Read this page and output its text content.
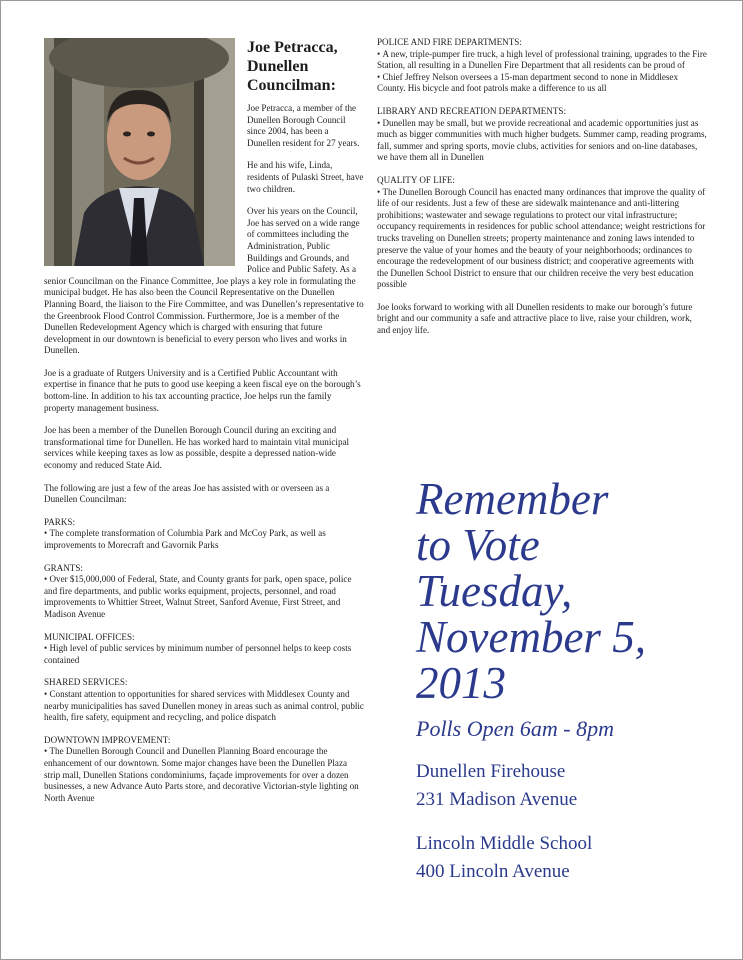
Joe Petracca, Dunellen Councilman:

Joe Petracca, a member of the Dunellen Borough Council since 2004, has been a Dunellen resident for 27 years.

He and his wife, Linda, residents of Pulaski Street, have two children.

Over his years on the Council, Joe has served on a wide range of committees including the Administration, Public Buildings and Grounds, and Police and Public Safety. As a senior Councilman on the Finance Committee, Joe plays a key role in formulating the municipal budget. He has also been the Council Representative on the Dunellen Planning Board, the liaison to the Fire Committee, and was Dunellen’s representative to the Greenbrook Flood Control Commission. Furthermore, Joe is a member of the Dunellen Redevelopment Agency which is charged with ensuring that future development in our downtown is beneficial to every person who lives and works in Dunellen.

Joe is a graduate of Rutgers University and is a Certified Public Accountant with expertise in finance that he puts to good use keeping a keen fiscal eye on the borough’s bottom-line. In addition to his tax accounting practice, Joe helps run the family property management business.

Joe has been a member of the Dunellen Borough Council during an exciting and transformational time for Dunellen. He has worked hard to maintain vital municipal services while keeping taxes as low as possible, despite a depressed nation-wide economy and reduced State Aid.

The following are just a few of the areas Joe has assisted with or overseen as a Dunellen Councilman:

PARKS:
• The complete transformation of Columbia Park and McCoy Park, as well as improvements to Morecraft and Gavornik Parks
GRANTS:
• Over $15,000,000 of Federal, State, and County grants for park, open space, police and fire departments, and public works equipment, projects, personnel, and road improvements to Whittier Street, Walnut Street, Sanford Avenue, First Street, and Madison Avenue
MUNICIPAL OFFICES:
• High level of public services by minimum number of personnel helps to keep costs contained
SHARED SERVICES:
• Constant attention to opportunities for shared services with Middlesex County and nearby municipalities has saved Dunellen money in areas such as animal control, public health, fire safety, equipment and recycling, and police dispatch
DOWNTOWN IMPROVEMENT:
• The Dunellen Borough Council and Dunellen Planning Board encourage the enhancement of our downtown. Some major changes have been the Dunellen Plaza strip mall, Dunellen Stations condominiums, façade improvements for over a dozen businesses, a new Advance Auto Parts store, and decorative Victorian-style lighting on North Avenue
POLICE AND FIRE DEPARTMENTS:
• A new, triple-pumper fire truck, a high level of professional training, upgrades to the Fire Station, all resulting in a Dunellen Fire Department that all residents can be proud of
• Chief Jeffrey Nelson oversees a 15-man department second to none in Middlesex County. His bicycle and foot patrols make a difference to us all
LIBRARY AND RECREATION DEPARTMENTS:
• Dunellen may be small, but we provide recreational and academic opportunities just as much as bigger communities with much higher budgets. Summer camp, reading programs, fall, summer and spring sports, movie clubs, activities for seniors and on-line databases, we have them all in Dunellen
QUALITY OF LIFE:
• The Dunellen Borough Council has enacted many ordinances that improve the quality of life of our residents. Just a few of these are sidewalk maintenance and anti-littering prohibitions; wastewater and sewage regulations to protect our vital infrastructure; occupancy requirements in residences for public school attendance; weight restrictions for trucks traveling on Dunellen streets; property maintenance and zoning laws intended to preserve the value of your homes and the beauty of your neighborhoods; ordinances to encourage the redevelopment of our business district; and cooperative agreements with the Dunellen School District to ensure that our children receive the very best education possible

Joe looks forward to working with all Dunellen residents to make our borough’s future bright and our community a safe and attractive place to live, raise your children, work, and enjoy life.

Remember
to Vote
Tuesday,
November 5,
2013
Polls Open 6am - 8pm
Dunellen Firehouse
231 Madison Avenue
Lincoln Middle School
400 Lincoln Avenue
